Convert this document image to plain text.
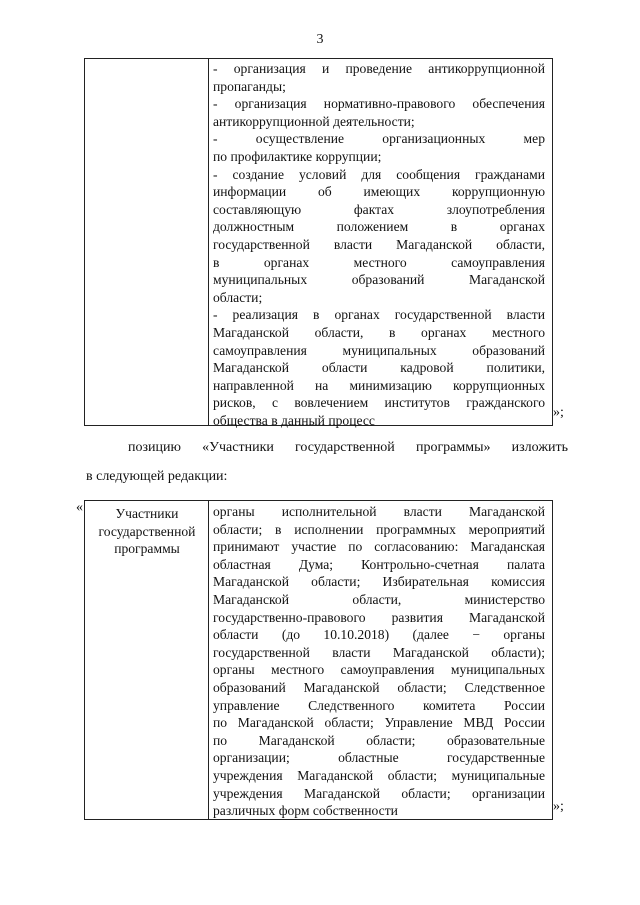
3
- организация и проведение антикоррупционной
пропаганды;
- организация нормативно-правового обеспечения
антикоррупционной деятельности;
- осуществление организационных мер
по профилактике коррупции;
- создание условий для сообщения гражданами
информации об имеющих коррупционную
составляющую фактах злоупотребления
должностным положением в органах
государственной власти Магаданской области,
в органах местного самоуправления
муниципальных образований Магаданской
области;
- реализация в органах государственной власти
Магаданской области, в органах местного
самоуправления муниципальных образований
Магаданской области кадровой политики,
направленной на минимизацию коррупционных
рисков, с вовлечением институтов гражданского
общества в данный процесс
»;
позицию «Участники государственной программы» изложить
в следующей редакции:
«	Участники
государственной
программы
органы исполнительной власти Магаданской
области; в исполнении программных мероприятий
принимают участие по согласованию: Магаданская
областная Дума; Контрольно-счетная палата
Магаданской области; Избирательная комиссия
Магаданской области, министерство
государственно-правового развития Магаданской
области (до 10.10.2018) (далее − органы
государственной власти Магаданской области);
органы местного самоуправления муниципальных
образований Магаданской области; Следственное
управление Следственного комитета России
по Магаданской области; Управление МВД России
по Магаданской области; образовательные
организации; областные государственные
учреждения Магаданской области; муниципальные
учреждения Магаданской области; организации
различных форм собственности	»;
